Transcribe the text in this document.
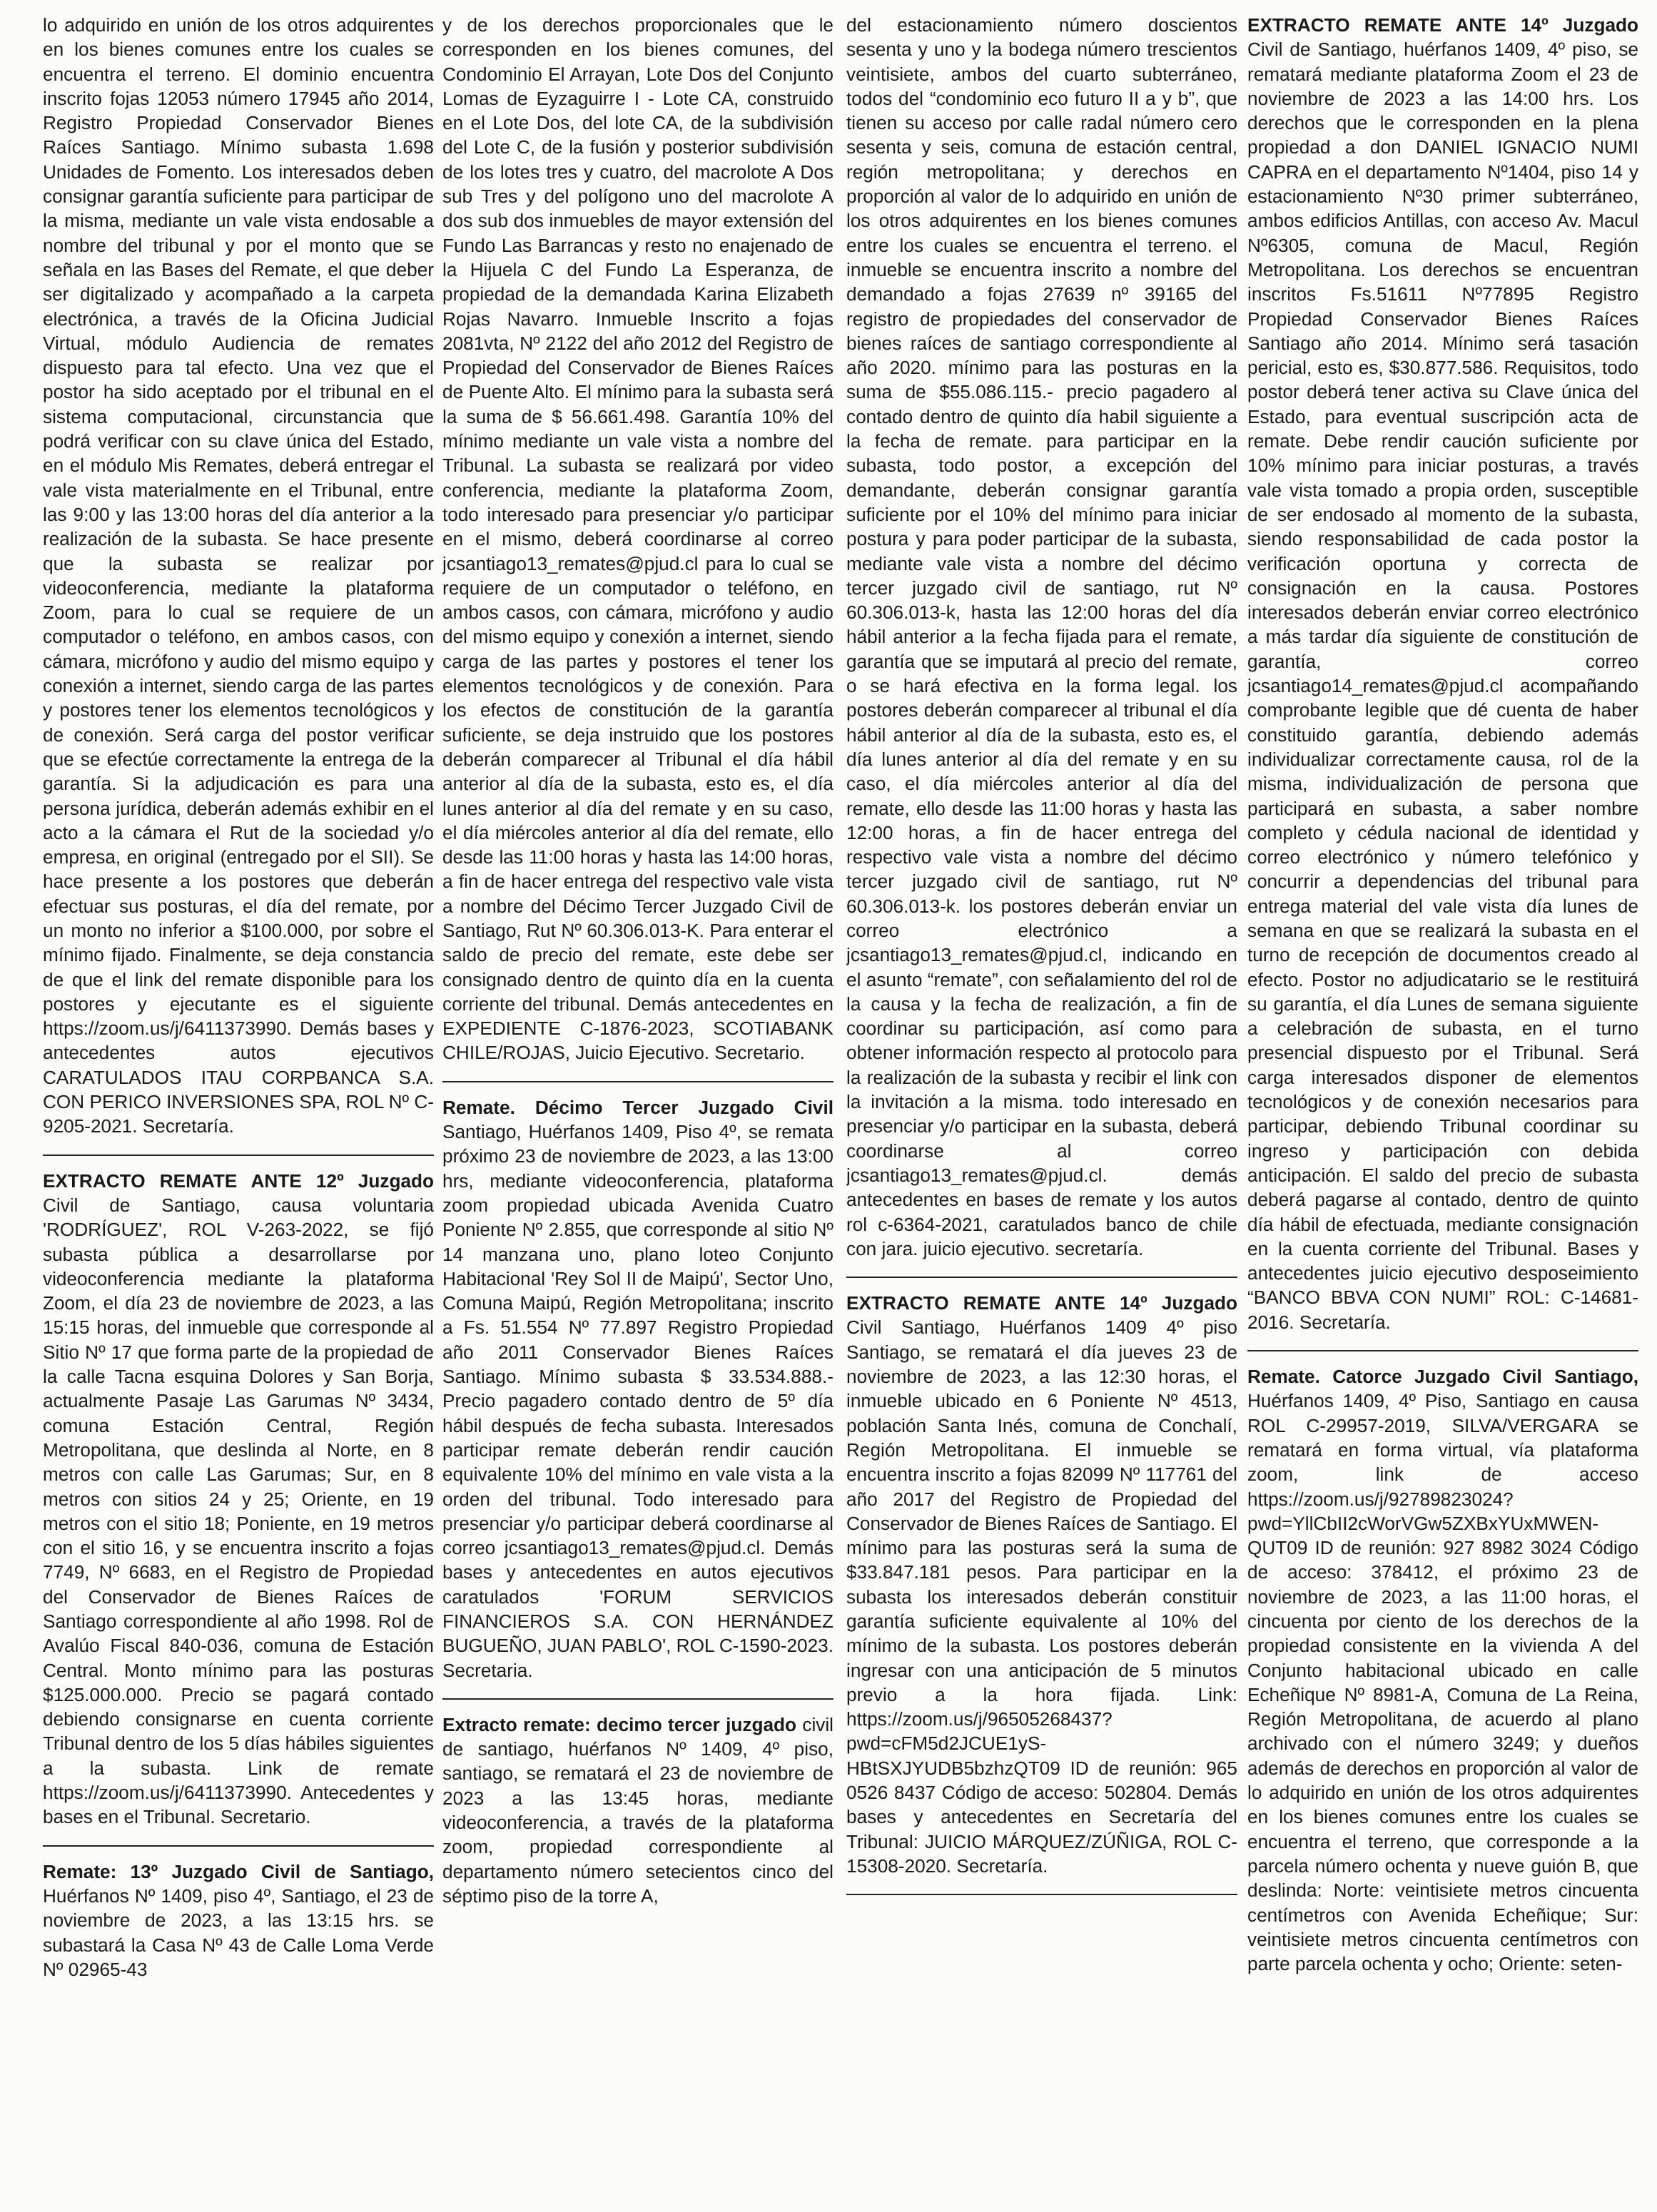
lo adquirido en unión de los otros adquirentes en los bienes comunes entre los cuales se encuentra el terreno. El dominio encuentra inscrito fojas 12053 número 17945 año 2014, Registro Propiedad Conservador Bienes Raíces Santiago. Mínimo subasta 1.698 Unidades de Fomento. Los interesados deben consignar garantía suficiente para participar de la misma, mediante un vale vista endosable a nombre del tribunal y por el monto que se señala en las Bases del Remate, el que deber ser digitalizado y acompañado a la carpeta electrónica, a través de la Oficina Judicial Virtual, módulo Audiencia de remates dispuesto para tal efecto. Una vez que el postor ha sido aceptado por el tribunal en el sistema computacional, circunstancia que podrá verificar con su clave única del Estado, en el módulo Mis Remates, deberá entregar el vale vista materialmente en el Tribunal, entre las 9:00 y las 13:00 horas del día anterior a la realización de la subasta. Se hace presente que la subasta se realizar por videoconferencia, mediante la plataforma Zoom, para lo cual se requiere de un computador o teléfono, en ambos casos, con cámara, micrófono y audio del mismo equipo y conexión a internet, siendo carga de las partes y postores tener los elementos tecnológicos y de conexión. Será carga del postor verificar que se efectúe correctamente la entrega de la garantía. Si la adjudicación es para una persona jurídica, deberán además exhibir en el acto a la cámara el Rut de la sociedad y/o empresa, en original (entregado por el SII). Se hace presente a los postores que deberán efectuar sus posturas, el día del remate, por un monto no inferior a $100.000, por sobre el mínimo fijado. Finalmente, se deja constancia de que el link del remate disponible para los postores y ejecutante es el siguiente https://zoom.us/j/6411373990. Demás bases y antecedentes autos ejecutivos CARATULADOS ITAU CORPBANCA S.A. CON PERICO INVERSIONES SPA, ROL Nº C-9205-2021. Secretaría.

EXTRACTO REMATE ANTE 12º Juzgado Civil de Santiago, causa voluntaria 'RODRÍGUEZ', ROL V-263-2022, se fijó subasta pública a desarrollarse por videoconferencia mediante la plataforma Zoom, el día 23 de noviembre de 2023, a las 15:15 horas, del inmueble que corresponde al Sitio Nº 17 que forma parte de la propiedad de la calle Tacna esquina Dolores y San Borja, actualmente Pasaje Las Garumas Nº 3434, comuna Estación Central, Región Metropolitana, que deslinda al Norte, en 8 metros con calle Las Garumas; Sur, en 8 metros con sitios 24 y 25; Oriente, en 19 metros con el sitio 18; Poniente, en 19 metros con el sitio 16, y se encuentra inscrito a fojas 7749, Nº 6683, en el Registro de Propiedad del Conservador de Bienes Raíces de Santiago correspondiente al año 1998. Rol de Avalúo Fiscal 840-036, comuna de Estación Central. Monto mínimo para las posturas $125.000.000. Precio se pagará contado debiendo consignarse en cuenta corriente Tribunal dentro de los 5 días hábiles siguientes a la subasta. Link de remate https://zoom.us/j/6411373990. Antecedentes y bases en el Tribunal. Secretario.

Remate: 13º Juzgado Civil de Santiago, Huérfanos Nº 1409, piso 4º, Santiago, el 23 de noviembre de 2023, a las 13:15 hrs. se subastará la Casa Nº 43 de Calle Loma Verde Nº 02965-43

y de los derechos proporcionales que le corresponden en los bienes comunes, del Condominio El Arrayan, Lote Dos del Conjunto Lomas de Eyzaguirre I - Lote CA, construido en el Lote Dos, del lote CA, de la subdivisión del Lote C, de la fusión y posterior subdivisión de los lotes tres y cuatro, del macrolote A Dos sub Tres y del polígono uno del macrolote A dos sub dos inmuebles de mayor extensión del Fundo Las Barrancas y resto no enajenado de la Hijuela C del Fundo La Esperanza, de propiedad de la demandada Karina Elizabeth Rojas Navarro. Inmueble Inscrito a fojas 2081vta, Nº 2122 del año 2012 del Registro de Propiedad del Conservador de Bienes Raíces de Puente Alto. El mínimo para la subasta será la suma de $ 56.661.498. Garantía 10% del mínimo mediante un vale vista a nombre del Tribunal. La subasta se realizará por video conferencia, mediante la plataforma Zoom, todo interesado para presenciar y/o participar en el mismo, deberá coordinarse al correo jcsantiago13_remates@pjud.cl para lo cual se requiere de un computador o teléfono, en ambos casos, con cámara, micrófono y audio del mismo equipo y conexión a internet, siendo carga de las partes y postores el tener los elementos tecnológicos y de conexión. Para los efectos de constitución de la garantía suficiente, se deja instruido que los postores deberán comparecer al Tribunal el día hábil anterior al día de la subasta, esto es, el día lunes anterior al día del remate y en su caso, el día miércoles anterior al día del remate, ello desde las 11:00 horas y hasta las 14:00 horas, a fin de hacer entrega del respectivo vale vista a nombre del Décimo Tercer Juzgado Civil de Santiago, Rut Nº 60.306.013-K. Para enterar el saldo de precio del remate, este debe ser consignado dentro de quinto día en la cuenta corriente del tribunal. Demás antecedentes en EXPEDIENTE C-1876-2023, SCOTIABANK CHILE/ROJAS, Juicio Ejecutivo. Secretario.

Remate. Décimo Tercer Juzgado Civil Santiago, Huérfanos 1409, Piso 4º, se remata próximo 23 de noviembre de 2023, a las 13:00 hrs, mediante videoconferencia, plataforma zoom propiedad ubicada Avenida Cuatro Poniente Nº 2.855, que corresponde al sitio Nº 14 manzana uno, plano loteo Conjunto Habitacional 'Rey Sol II de Maipú', Sector Uno, Comuna Maipú, Región Metropolitana; inscrito a Fs. 51.554 Nº 77.897 Registro Propiedad año 2011 Conservador Bienes Raíces Santiago. Mínimo subasta $ 33.534.888.- Precio pagadero contado dentro de 5º día hábil después de fecha subasta. Interesados participar remate deberán rendir caución equivalente 10% del mínimo en vale vista a la orden del tribunal. Todo interesado para presenciar y/o participar deberá coordinarse al correo jcsantiago13_remates@pjud.cl. Demás bases y antecedentes en autos ejecutivos caratulados 'FORUM SERVICIOS FINANCIEROS S.A. CON HERNÁNDEZ BUGUEÑO, JUAN PABLO', ROL C-1590-2023. Secretaria.

Extracto remate: decimo tercer juzgado civil de santiago, huérfanos Nº 1409, 4º piso, santiago, se rematará el 23 de noviembre de 2023 a las 13:45 horas, mediante videoconferencia, a través de la plataforma zoom, propiedad correspondiente al departamento número setecientos cinco del séptimo piso de la torre A,

del estacionamiento número doscientos sesenta y uno y la bodega número trescientos veintisiete, ambos del cuarto subterráneo, todos del “condominio eco futuro II a y b”, que tienen su acceso por calle radal número cero sesenta y seis, comuna de estación central, región metropolitana; y derechos en proporción al valor de lo adquirido en unión de los otros adquirentes en los bienes comunes entre los cuales se encuentra el terreno. el inmueble se encuentra inscrito a nombre del demandado a fojas 27639 nº 39165 del registro de propiedades del conservador de bienes raíces de santiago correspondiente al año 2020. mínimo para las posturas en la suma de $55.086.115.- precio pagadero al contado dentro de quinto día habil siguiente a la fecha de remate. para participar en la subasta, todo postor, a excepción del demandante, deberán consignar garantía suficiente por el 10% del mínimo para iniciar postura y para poder participar de la subasta, mediante vale vista a nombre del décimo tercer juzgado civil de santiago, rut Nº 60.306.013-k, hasta las 12:00 horas del día hábil anterior a la fecha fijada para el remate, garantía que se imputará al precio del remate, o se hará efectiva en la forma legal. los postores deberán comparecer al tribunal el día hábil anterior al día de la subasta, esto es, el día lunes anterior al día del remate y en su caso, el día miércoles anterior al día del remate, ello desde las 11:00 horas y hasta las 12:00 horas, a fin de hacer entrega del respectivo vale vista a nombre del décimo tercer juzgado civil de santiago, rut Nº 60.306.013-k. los postores deberán enviar un correo electrónico a jcsantiago13_remates@pjud.cl, indicando en el asunto “remate”, con señalamiento del rol de la causa y la fecha de realización, a fin de coordinar su participación, así como para obtener información respecto al protocolo para la realización de la subasta y recibir el link con la invitación a la misma. todo interesado en presenciar y/o participar en la subasta, deberá coordinarse al correo jcsantiago13_remates@pjud.cl. demás antecedentes en bases de remate y los autos rol c-6364-2021, caratulados banco de chile con jara. juicio ejecutivo. secretaría.

EXTRACTO REMATE ANTE 14º Juzgado Civil Santiago, Huérfanos 1409 4º piso Santiago, se rematará el día jueves 23 de noviembre de 2023, a las 12:30 horas, el inmueble ubicado en 6 Poniente Nº 4513, población Santa Inés, comuna de Conchalí, Región Metropolitana. El inmueble se encuentra inscrito a fojas 82099 Nº 117761 del año 2017 del Registro de Propiedad del Conservador de Bienes Raíces de Santiago. El mínimo para las posturas será la suma de $33.847.181 pesos. Para participar en la subasta los interesados deberán constituir garantía suficiente equivalente al 10% del mínimo de la subasta. Los postores deberán ingresar con una anticipación de 5 minutos previo a la hora fijada. Link: https://zoom.us/j/96505268437?pwd=cFM5d2JCUE1yS-HBtSXJYUDB5bzhzQT09 ID de reunión: 965 0526 8437 Código de acceso: 502804. Demás bases y antecedentes en Secretaría del Tribunal: JUICIO MÁRQUEZ/ZÚÑIGA, ROL C-15308-2020. Secretaría.

EXTRACTO REMATE ANTE 14º Juzgado Civil de Santiago, huérfanos 1409, 4º piso, se rematará mediante plataforma Zoom el 23 de noviembre de 2023 a las 14:00 hrs. Los derechos que le corresponden en la plena propiedad a don DANIEL IGNACIO NUMI CAPRA en el departamento Nº1404, piso 14 y estacionamiento Nº30 primer subterráneo, ambos edificios Antillas, con acceso Av. Macul Nº6305, comuna de Macul, Región Metropolitana. Los derechos se encuentran inscritos Fs.51611 Nº77895 Registro Propiedad Conservador Bienes Raíces Santiago año 2014. Mínimo será tasación pericial, esto es, $30.877.586. Requisitos, todo postor deberá tener activa su Clave única del Estado, para eventual suscripción acta de remate. Debe rendir caución suficiente por 10% mínimo para iniciar posturas, a través vale vista tomado a propia orden, susceptible de ser endosado al momento de la subasta, siendo responsabilidad de cada postor la verificación oportuna y correcta de consignación en la causa. Postores interesados deberán enviar correo electrónico a más tardar día siguiente de constitución de garantía, correo jcsantiago14_remates@pjud.cl acompañando comprobante legible que dé cuenta de haber constituido garantía, debiendo además individualizar correctamente causa, rol de la misma, individualización de persona que participará en subasta, a saber nombre completo y cédula nacional de identidad y correo electrónico y número telefónico y concurrir a dependencias del tribunal para entrega material del vale vista día lunes de semana en que se realizará la subasta en el turno de recepción de documentos creado al efecto. Postor no adjudicatario se le restituirá su garantía, el día Lunes de semana siguiente a celebración de subasta, en el turno presencial dispuesto por el Tribunal. Será carga interesados disponer de elementos tecnológicos y de conexión necesarios para participar, debiendo Tribunal coordinar su ingreso y participación con debida anticipación. El saldo del precio de subasta deberá pagarse al contado, dentro de quinto día hábil de efectuada, mediante consignación en la cuenta corriente del Tribunal. Bases y antecedentes juicio ejecutivo desposeimiento “BANCO BBVA CON NUMI” ROL: C-14681-2016. Secretaría.

Remate. Catorce Juzgado Civil Santiago, Huérfanos 1409, 4º Piso, Santiago en causa ROL C-29957-2019, SILVA/VERGARA se rematará en forma virtual, vía plataforma zoom, link de acceso https://zoom.us/j/92789823024?pwd=YllCbII2cWorVGw5ZXBxYUxMWEN-QUT09 ID de reunión: 927 8982 3024 Código de acceso: 378412, el próximo 23 de noviembre de 2023, a las 11:00 horas, el cincuenta por ciento de los derechos de la propiedad consistente en la vivienda A del Conjunto habitacional ubicado en calle Echeñique Nº 8981-A, Comuna de La Reina, Región Metropolitana, de acuerdo al plano archivado con el número 3249; y dueños además de derechos en proporción al valor de lo adquirido en unión de los otros adquirentes en los bienes comunes entre los cuales se encuentra el terreno, que corresponde a la parcela número ochenta y nueve guión B, que deslinda: Norte: veintisiete metros cincuenta centímetros con Avenida Echeñique; Sur: veintisiete metros cincuenta centímetros con parte parcela ochenta y ocho; Oriente: seten-
